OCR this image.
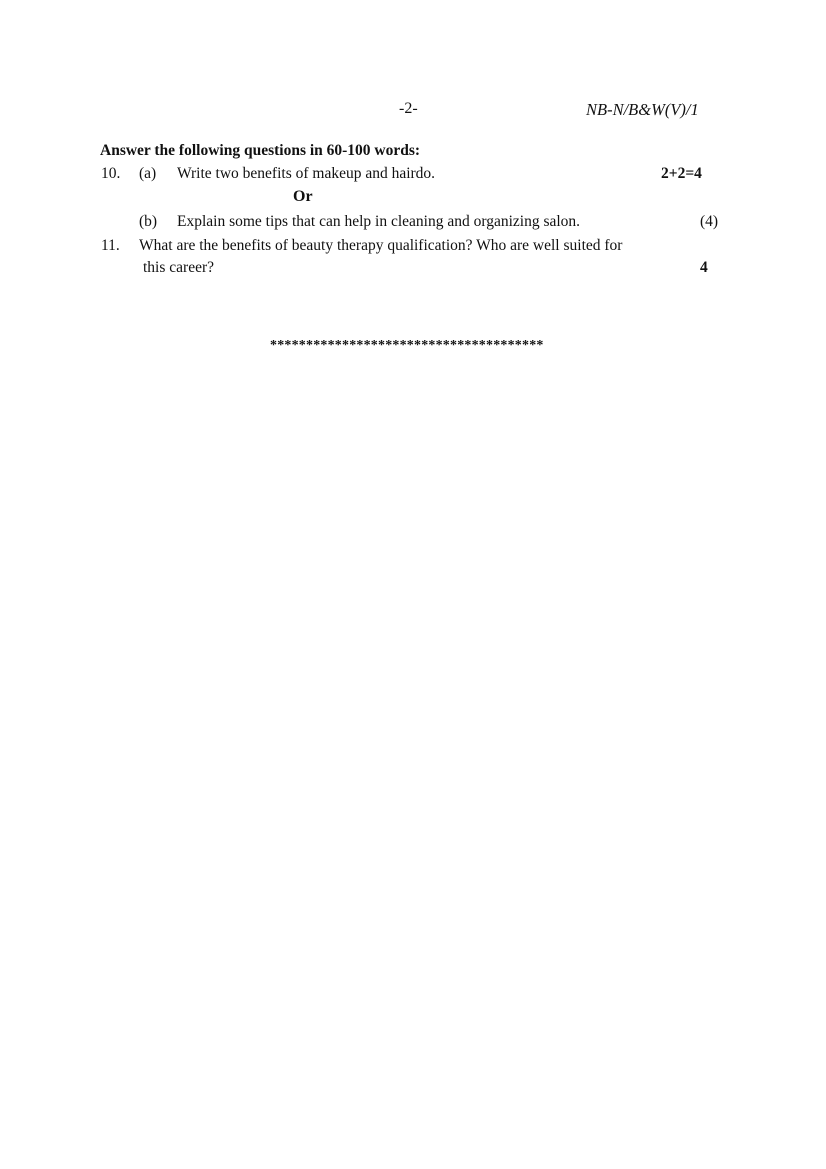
-2-	NB-N/B&W(V)/1
Answer the following questions in 60-100 words:
10. (a) Write two benefits of makeup and hairdo.	2+2=4
Or
(b) Explain some tips that can help in cleaning and organizing salon.	(4)
11. What are the benefits of beauty therapy qualification? Who are well suited for
this career?	4
**************************************
